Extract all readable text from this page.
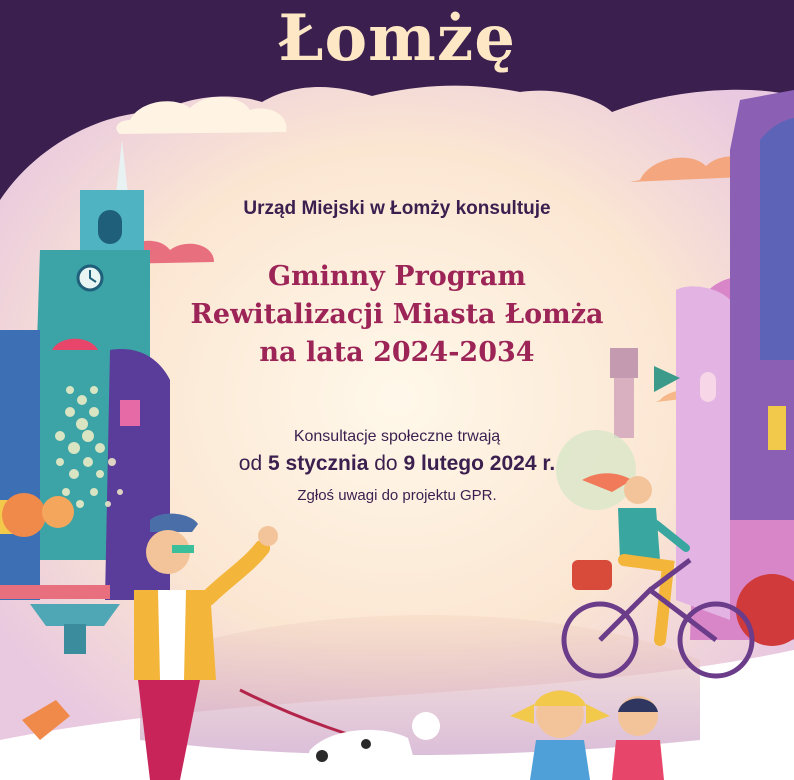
Łomżę

Urząd Miejski w Łomży konsultuje

Gminny Program
Rewitalizacji Miasta Łomża
na lata 2024-2034

Konsultacje społeczne trwają

od 5 stycznia do 9 lutego 2024 r.

Zgłoś uwagi do projektu GPR.
